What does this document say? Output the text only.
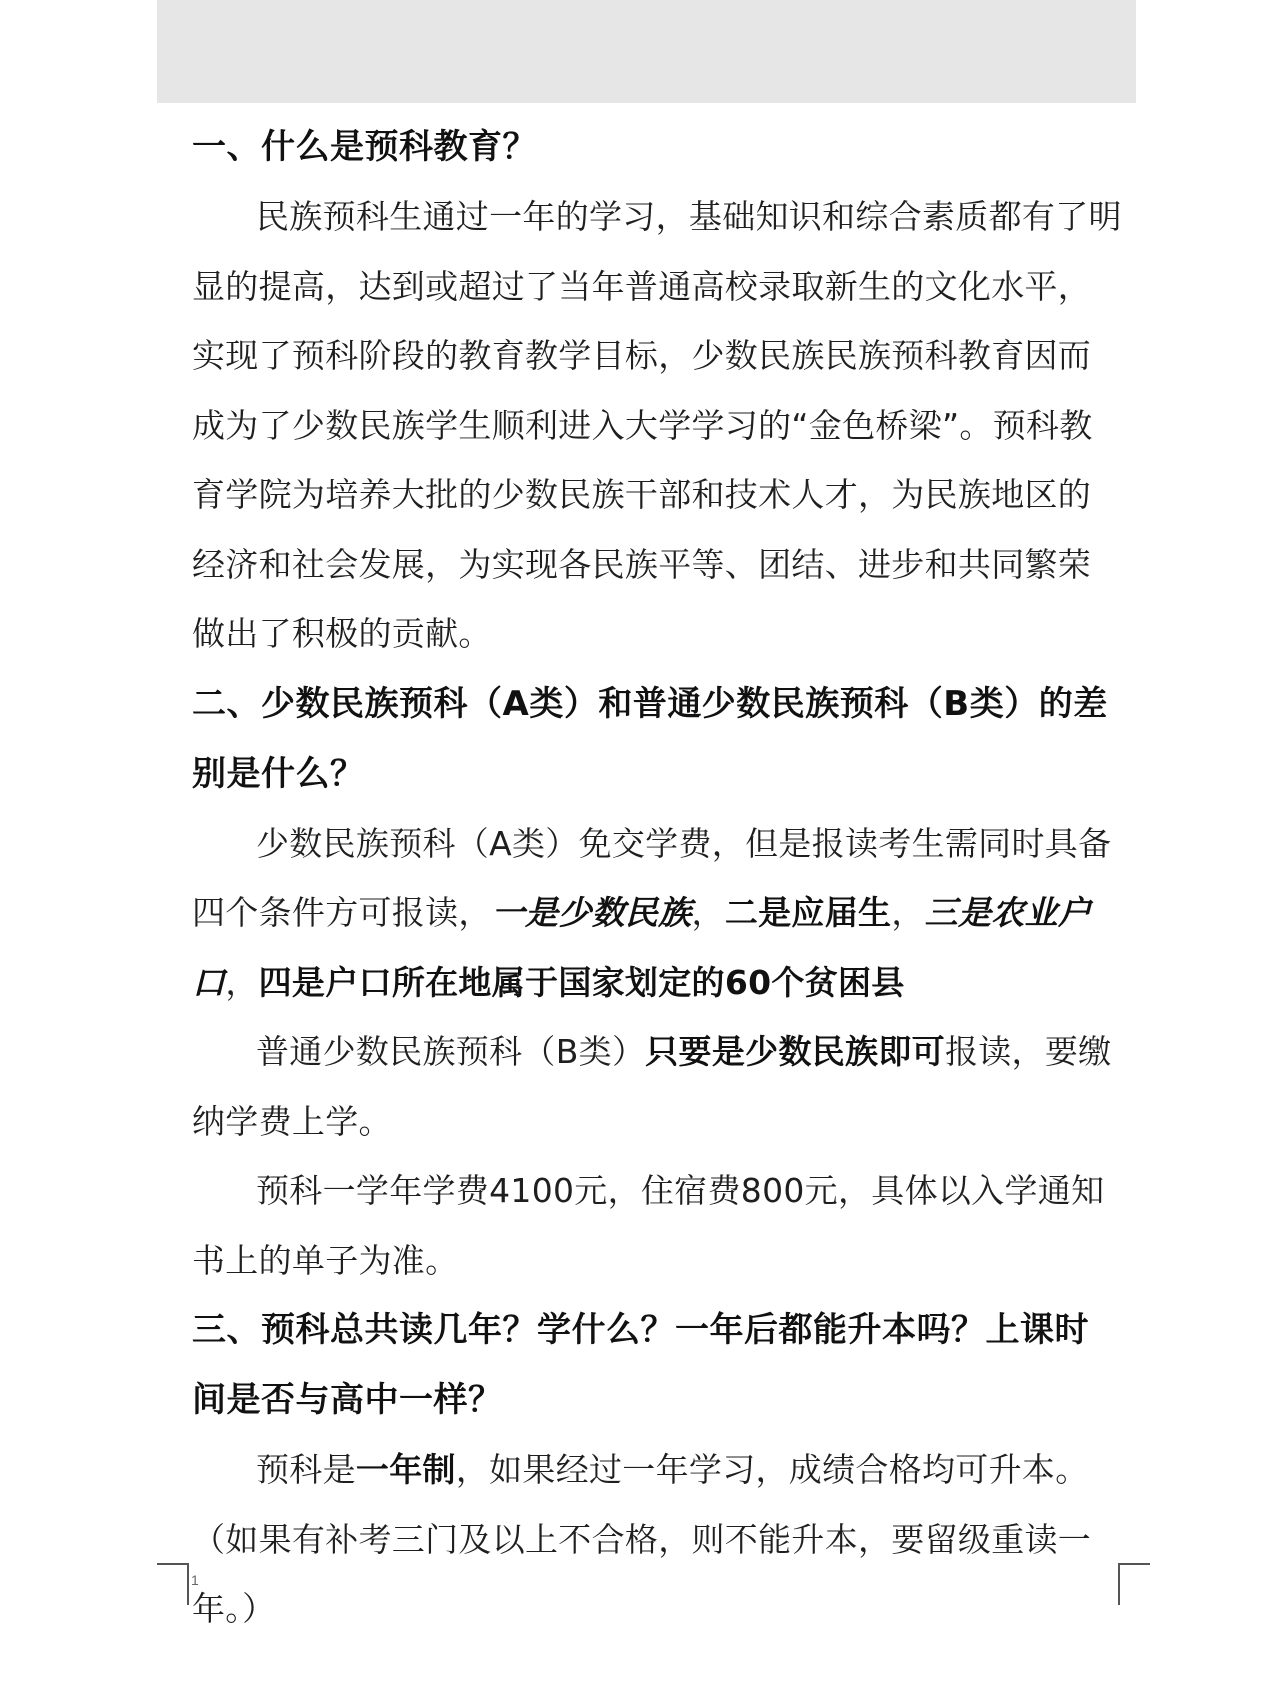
一、什么是预科教育？

民族预科生通过一年的学习，基础知识和综合素质都有了明显的提高，达到或超过了当年普通高校录取新生的文化水平，实现了预科阶段的教育教学目标，少数民族民族预科教育因而成为了少数民族学生顺利进入大学学习的“金色桥梁”。预科教育学院为培养大批的少数民族干部和技术人才，为民族地区的经济和社会发展，为实现各民族平等、团结、进步和共同繁荣做出了积极的贡献。

二、少数民族预科（A类）和普通少数民族预科（B类）的差别是什么？

少数民族预科（A类）免交学费，但是报读考生需同时具备四个条件方可报读，一是少数民族，二是应届生，三是农业户口，四是户口所在地属于国家划定的60个贫困县

普通少数民族预科（B类）只要是少数民族即可报读，要缴纳学费上学。

预科一学年学费4100元，住宿费800元，具体以入学通知书上的单子为准。

三、预科总共读几年？学什么？一年后都能升本吗？上课时间是否与高中一样？

预科是一年制，如果经过一年学习，成绩合格均可升本。（如果有补考三门及以上不合格，则不能升本，要留级重读一年。）

1
